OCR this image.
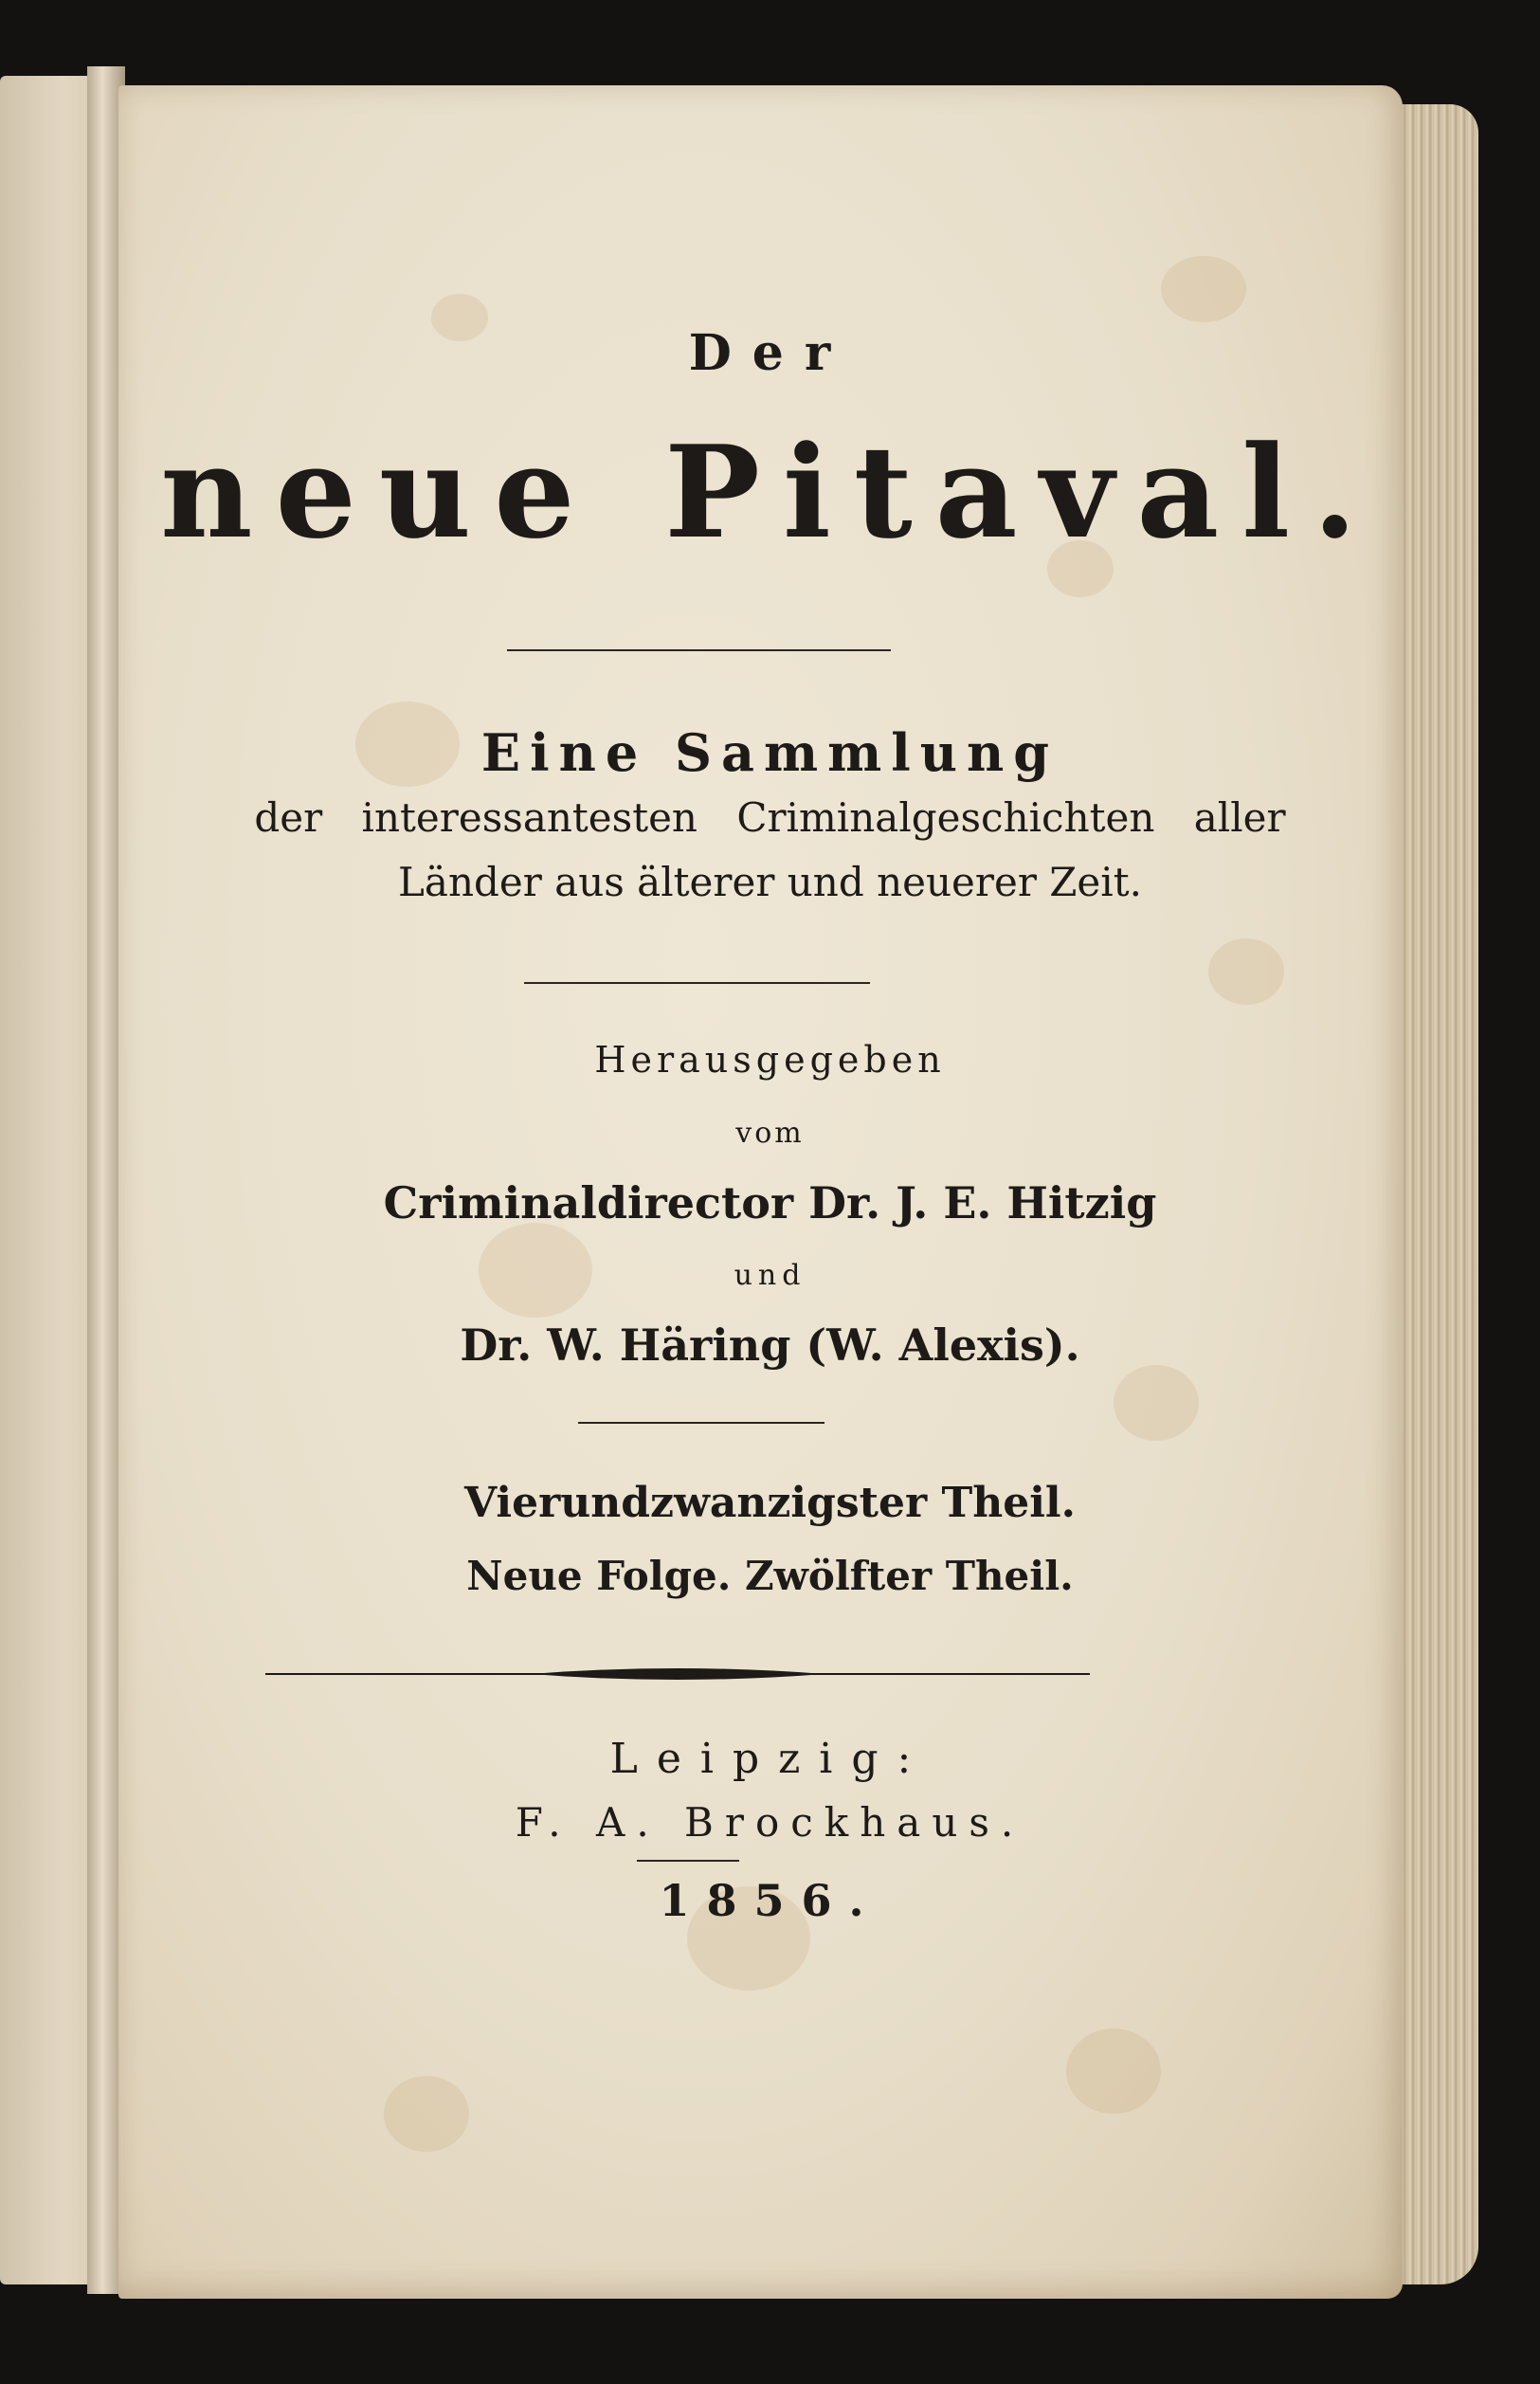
Der
neue Pitaval.
Eine Sammlung
der interessantesten Criminalgeschichten aller
Länder aus älterer und neuerer Zeit.
Herausgegeben
vom
Criminaldirector Dr. J. E. Hitzig
und
Dr. W. Häring (W. Alexis).
Vierundzwanzigster Theil.
Neue Folge. Zwölfter Theil.
Leipzig:
F. A. Brockhaus.
1856.
